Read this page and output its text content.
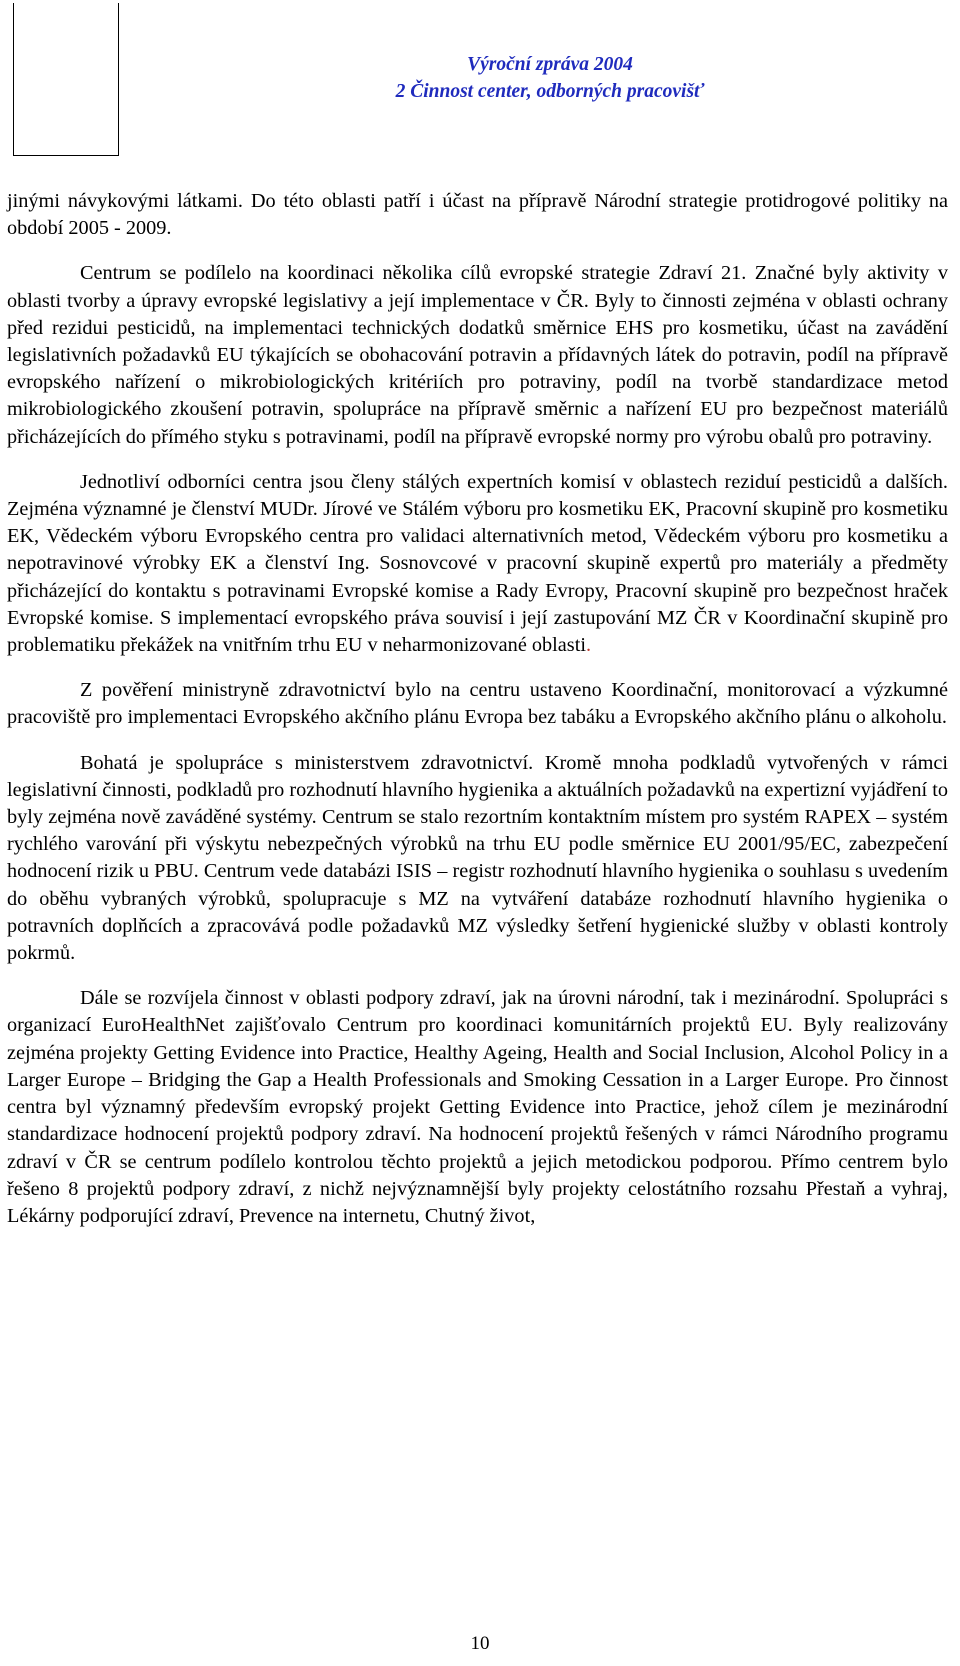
Výroční zpráva 2004
2 Činnost center, odborných pracovišť

jinými návykovými látkami. Do této oblasti patří i účast na přípravě Národní strategie protidrogové politiky na období 2005 - 2009.

Centrum se podílelo na koordinaci několika cílů evropské strategie Zdraví 21. Značné byly aktivity v oblasti tvorby a úpravy evropské legislativy a její implementace v ČR. Byly to činnosti zejména v oblasti ochrany před rezidui pesticidů, na implementaci technických dodatků směrnice EHS pro kosmetiku, účast na zavádění legislativních požadavků EU týkajících se obohacování potravin a přídavných látek do potravin, podíl na přípravě evropského nařízení o mikrobiologických kritériích pro potraviny, podíl na tvorbě standardizace metod mikrobiologického zkoušení potravin, spolupráce na přípravě směrnic a nařízení EU pro bezpečnost materiálů přicházejících do přímého styku s potravinami, podíl na přípravě evropské normy pro výrobu obalů pro potraviny.

Jednotliví odborníci centra jsou členy stálých expertních komisí v oblastech reziduí pesticidů a dalších. Zejména významné je členství MUDr. Jírové ve Stálém výboru pro kosmetiku EK, Pracovní skupině pro kosmetiku EK, Vědeckém výboru Evropského centra pro validaci alternativních metod, Vědeckém výboru pro kosmetiku a nepotravinové výrobky EK a členství Ing. Sosnovcové v pracovní skupině expertů pro materiály a předměty přicházející do kontaktu s potravinami Evropské komise a Rady Evropy, Pracovní skupině pro bezpečnost hraček Evropské komise. S implementací evropského práva souvisí i její zastupování MZ ČR v Koordinační skupině pro problematiku překážek na vnitřním trhu EU v neharmonizované oblasti.

Z pověření ministryně zdravotnictví bylo na centru ustaveno Koordinační, monitorovací a výzkumné pracoviště pro implementaci Evropského akčního plánu Evropa bez tabáku a Evropského akčního plánu o alkoholu.

Bohatá je spolupráce s ministerstvem zdravotnictví. Kromě mnoha podkladů vytvořených v rámci legislativní činnosti, podkladů pro rozhodnutí hlavního hygienika a aktuálních požadavků na expertizní vyjádření to byly zejména nově zaváděné systémy. Centrum se stalo rezortním kontaktním místem pro systém RAPEX – systém rychlého varování při výskytu nebezpečných výrobků na trhu EU podle směrnice EU 2001/95/EC, zabezpečení hodnocení rizik u PBU. Centrum vede databázi ISIS – registr rozhodnutí hlavního hygienika o souhlasu s uvedením do oběhu vybraných výrobků, spolupracuje s MZ na vytváření databáze rozhodnutí hlavního hygienika o potravních doplňcích a zpracovává podle požadavků MZ výsledky šetření hygienické služby v oblasti kontroly pokrmů.

Dále se rozvíjela činnost v oblasti podpory zdraví, jak na úrovni národní, tak i mezinárodní. Spolupráci s organizací EuroHealthNet zajišťovalo Centrum pro koordinaci komunitárních projektů EU. Byly realizovány zejména projekty Getting Evidence into Practice, Healthy Ageing, Health and Social Inclusion, Alcohol Policy in a Larger Europe – Bridging the Gap a Health Professionals and Smoking Cessation in a Larger Europe. Pro činnost centra byl významný především evropský projekt Getting Evidence into Practice, jehož cílem je mezinárodní standardizace hodnocení projektů podpory zdraví. Na hodnocení projektů řešených v rámci Národního programu zdraví v ČR se centrum podílelo kontrolou těchto projektů a jejich metodickou podporou. Přímo centrem bylo řešeno 8 projektů podpory zdraví, z nichž nejvýznamnější byly projekty celostátního rozsahu Přestaň a vyhraj, Lékárny podporující zdraví, Prevence na internetu, Chutný život,

10
